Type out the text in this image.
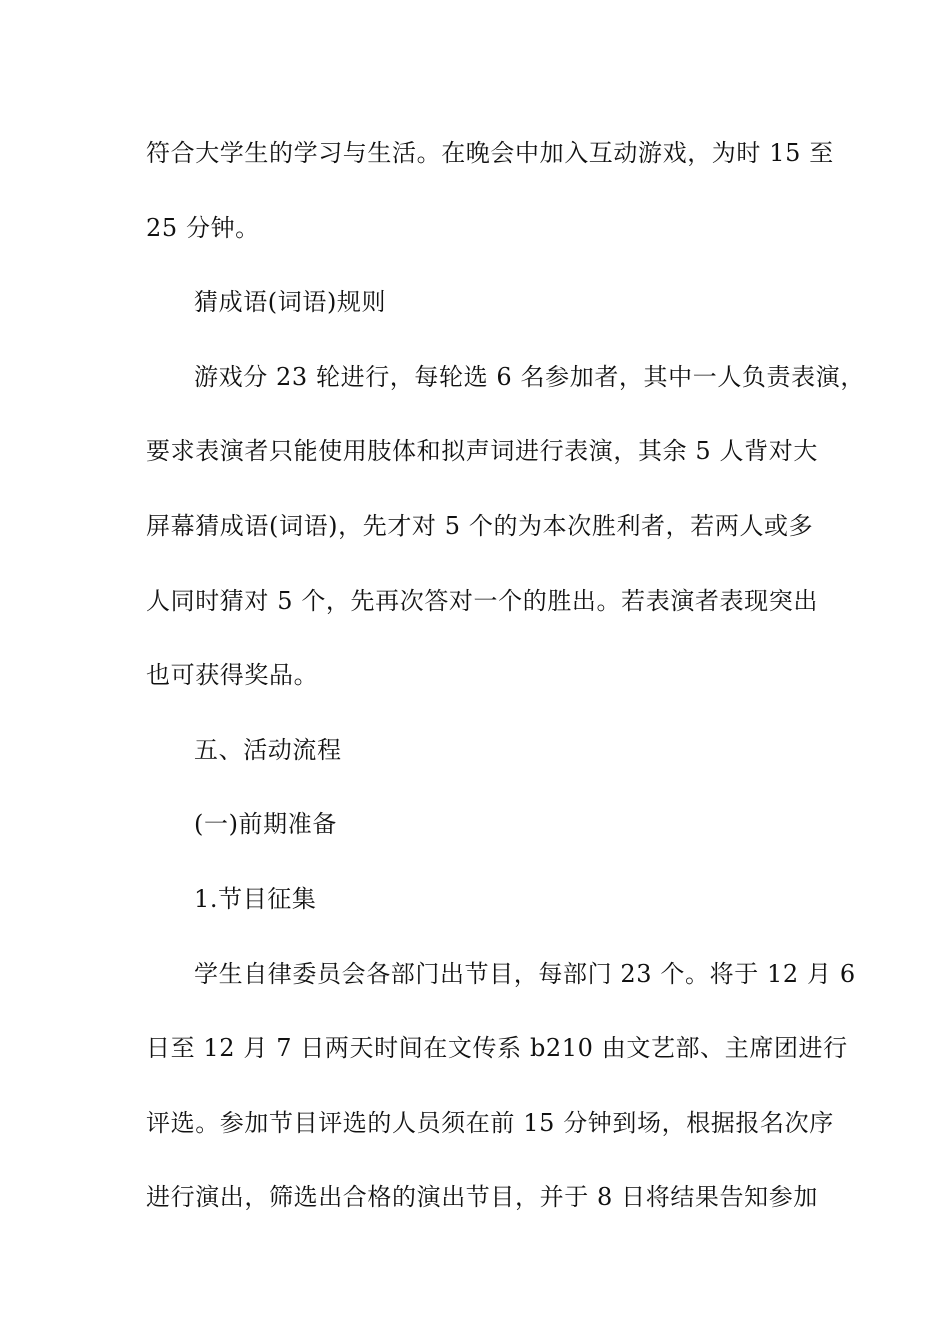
符合大学生的学习与生活。在晚会中加入互动游戏，为时 15 至
25 分钟。
猜成语(词语)规则
游戏分 23 轮进行，每轮选 6 名参加者，其中一人负责表演，
要求表演者只能使用肢体和拟声词进行表演，其余 5 人背对大
屏幕猜成语(词语)，先才对 5 个的为本次胜利者，若两人或多
人同时猜对 5 个，先再次答对一个的胜出。若表演者表现突出
也可获得奖品。
五、活动流程
(一)前期准备
1.节目征集
学生自律委员会各部门出节目，每部门 23 个。将于 12 月 6
日至 12 月 7 日两天时间在文传系 b210 由文艺部、主席团进行
评选。参加节目评选的人员须在前 15 分钟到场，根据报名次序
进行演出，筛选出合格的演出节目，并于 8 日将结果告知参加
